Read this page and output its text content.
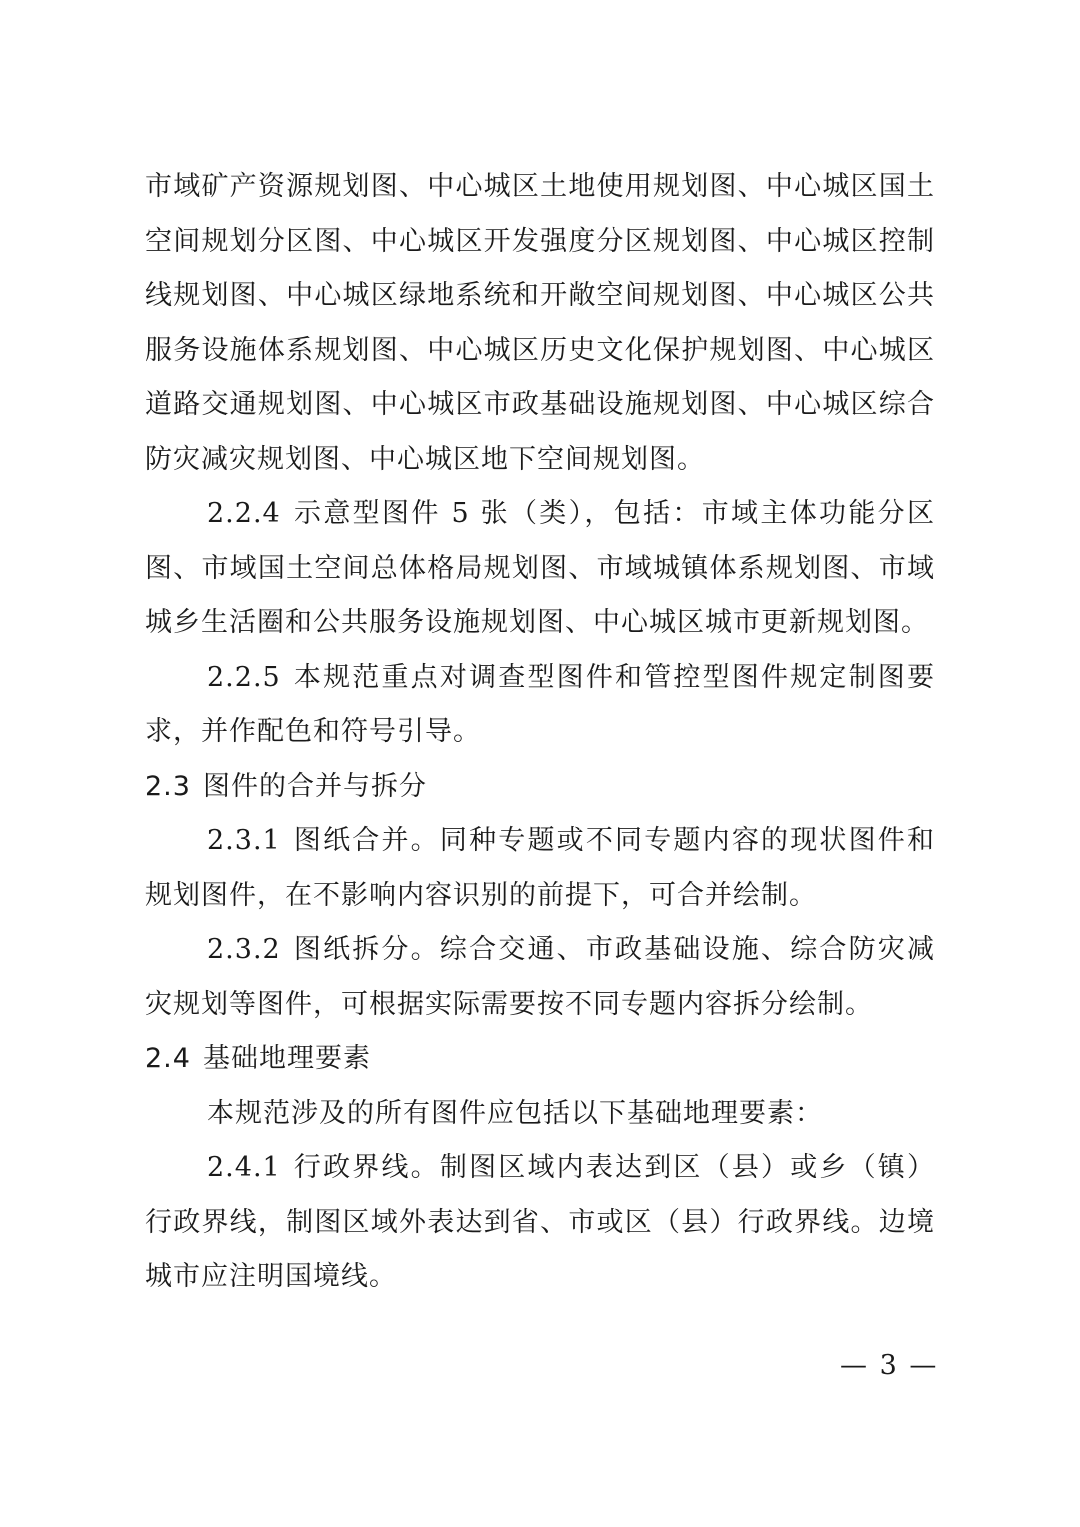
市域矿产资源规划图、中心城区土地使用规划图、中心城区国土空间规划分区图、中心城区开发强度分区规划图、中心城区控制线规划图、中心城区绿地系统和开敞空间规划图、中心城区公共服务设施体系规划图、中心城区历史文化保护规划图、中心城区道路交通规划图、中心城区市政基础设施规划图、中心城区综合防灾减灾规划图、中心城区地下空间规划图。

2.2.4 示意型图件 5 张（类），包括：市域主体功能分区图、市域国土空间总体格局规划图、市域城镇体系规划图、市域城乡生活圈和公共服务设施规划图、中心城区城市更新规划图。

2.2.5 本规范重点对调查型图件和管控型图件规定制图要求，并作配色和符号引导。

2.3 图件的合并与拆分

2.3.1 图纸合并。同种专题或不同专题内容的现状图件和规划图件，在不影响内容识别的前提下，可合并绘制。

2.3.2 图纸拆分。综合交通、市政基础设施、综合防灾减灾规划等图件，可根据实际需要按不同专题内容拆分绘制。

2.4 基础地理要素

本规范涉及的所有图件应包括以下基础地理要素：

2.4.1 行政界线。制图区域内表达到区（县）或乡（镇）行政界线，制图区域外表达到省、市或区（县）行政界线。边境城市应注明国境线。

— 3 —
